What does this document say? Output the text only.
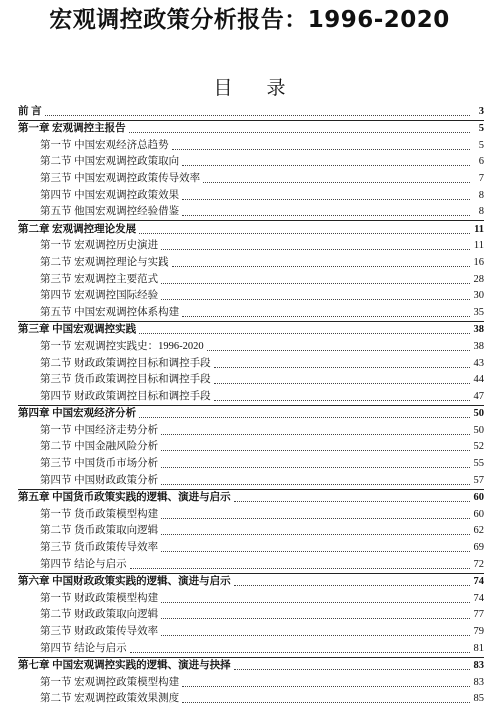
宏观调控政策分析报告：1996-2020
目 录
前 言	3
第一章 宏观调控主报告	5
第一节 中国宏观经济总趋势	5
第二节 中国宏观调控政策取向	6
第三节 中国宏观调控政策传导效率	7
第四节 中国宏观调控政策效果	8
第五节 他国宏观调控经验借鉴	8
第二章 宏观调控理论发展	11
第一节 宏观调控历史演进	11
第二节 宏观调控理论与实践	16
第三节 宏观调控主要范式	28
第四节 宏观调控国际经验	30
第五节 中国宏观调控体系构建	35
第三章 中国宏观调控实践	38
第一节 宏观调控实践史：1996-2020	38
第二节 财政政策调控目标和调控手段	43
第三节 货币政策调控目标和调控手段	44
第四节 财政政策调控目标和调控手段	47
第四章 中国宏观经济分析	50
第一节 中国经济走势分析	50
第二节 中国金融风险分析	52
第三节 中国货币市场分析	55
第四节 中国财政政策分析	57
第五章 中国货币政策实践的逻辑、演进与启示	60
第一节 货币政策模型构建	60
第二节 货币政策取向逻辑	62
第三节 货币政策传导效率	69
第四节 结论与启示	72
第六章 中国财政政策实践的逻辑、演进与启示	74
第一节 财政政策模型构建	74
第二节 财政政策取向逻辑	77
第三节 财政政策传导效率	79
第四节 结论与启示	81
第七章 中国宏观调控实践的逻辑、演进与抉择	83
第一节 宏观调控政策模型构建	83
第二节 宏观调控政策效果测度	85
